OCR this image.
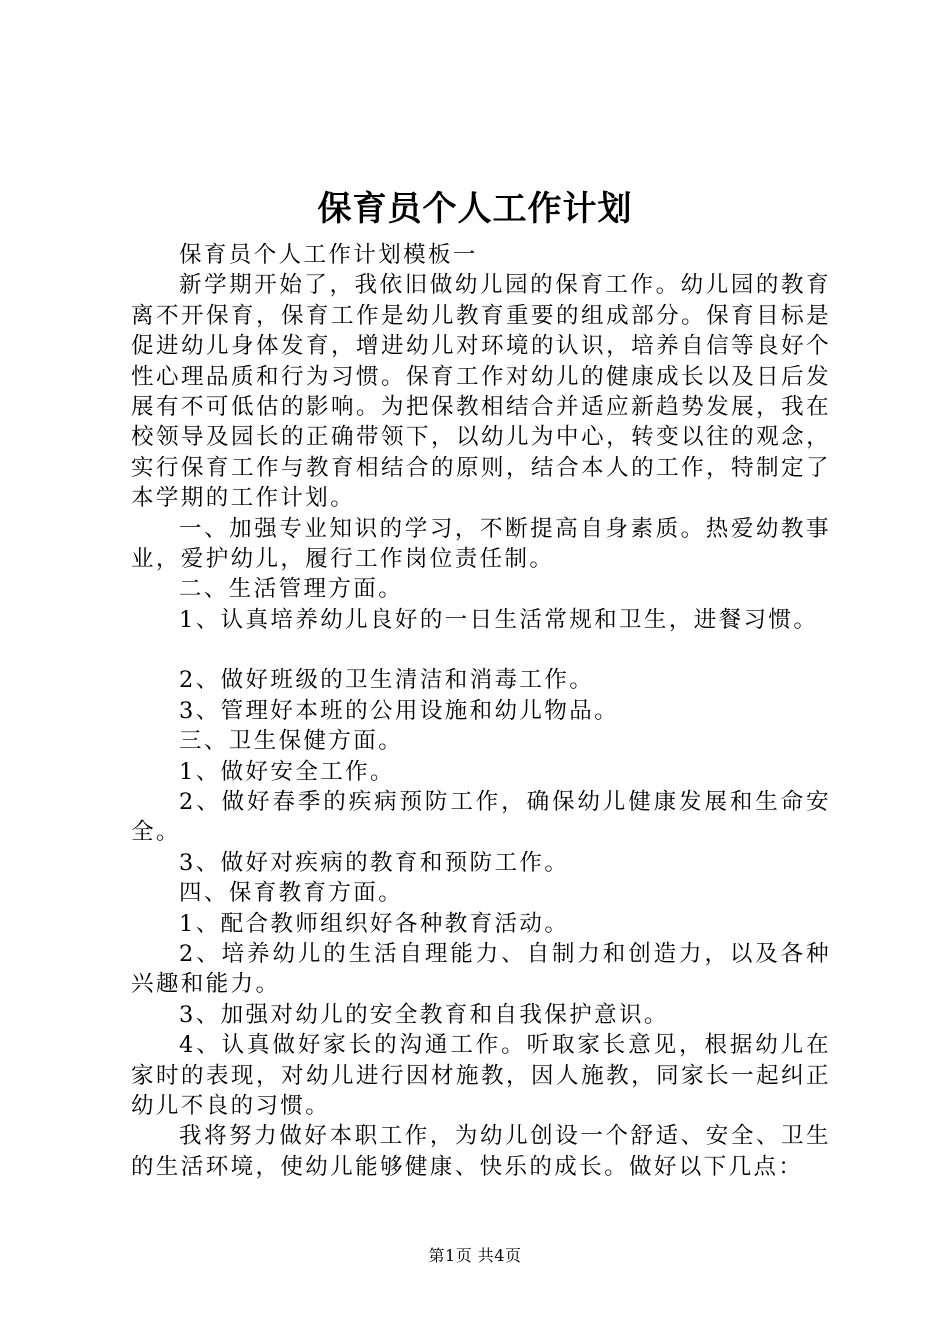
保育员个人工作计划

保育员个人工作计划模板一

新学期开始了，我依旧做幼儿园的保育工作。幼儿园的教育离不开保育，保育工作是幼儿教育重要的组成部分。保育目标是促进幼儿身体发育，增进幼儿对环境的认识，培养自信等良好个性心理品质和行为习惯。保育工作对幼儿的健康成长以及日后发展有不可低估的影响。为把保教相结合并适应新趋势发展，我在校领导及园长的正确带领下，以幼儿为中心，转变以往的观念，实行保育工作与教育相结合的原则，结合本人的工作，特制定了本学期的工作计划。

一、加强专业知识的学习，不断提高自身素质。热爱幼教事业，爱护幼儿，履行工作岗位责任制。

二、生活管理方面。

1、认真培养幼儿良好的一日生活常规和卫生，进餐习惯。

2、做好班级的卫生清洁和消毒工作。

3、管理好本班的公用设施和幼儿物品。

三、卫生保健方面。

1、做好安全工作。

2、做好春季的疾病预防工作，确保幼儿健康发展和生命安全。

3、做好对疾病的教育和预防工作。

四、保育教育方面。

1、配合教师组织好各种教育活动。

2、培养幼儿的生活自理能力、自制力和创造力，以及各种兴趣和能力。

3、加强对幼儿的安全教育和自我保护意识。

4、认真做好家长的沟通工作。听取家长意见，根据幼儿在家时的表现，对幼儿进行因材施教，因人施教，同家长一起纠正幼儿不良的习惯。

我将努力做好本职工作，为幼儿创设一个舒适、安全、卫生的生活环境，使幼儿能够健康、快乐的成长。做好以下几点：

第1页 共4页
